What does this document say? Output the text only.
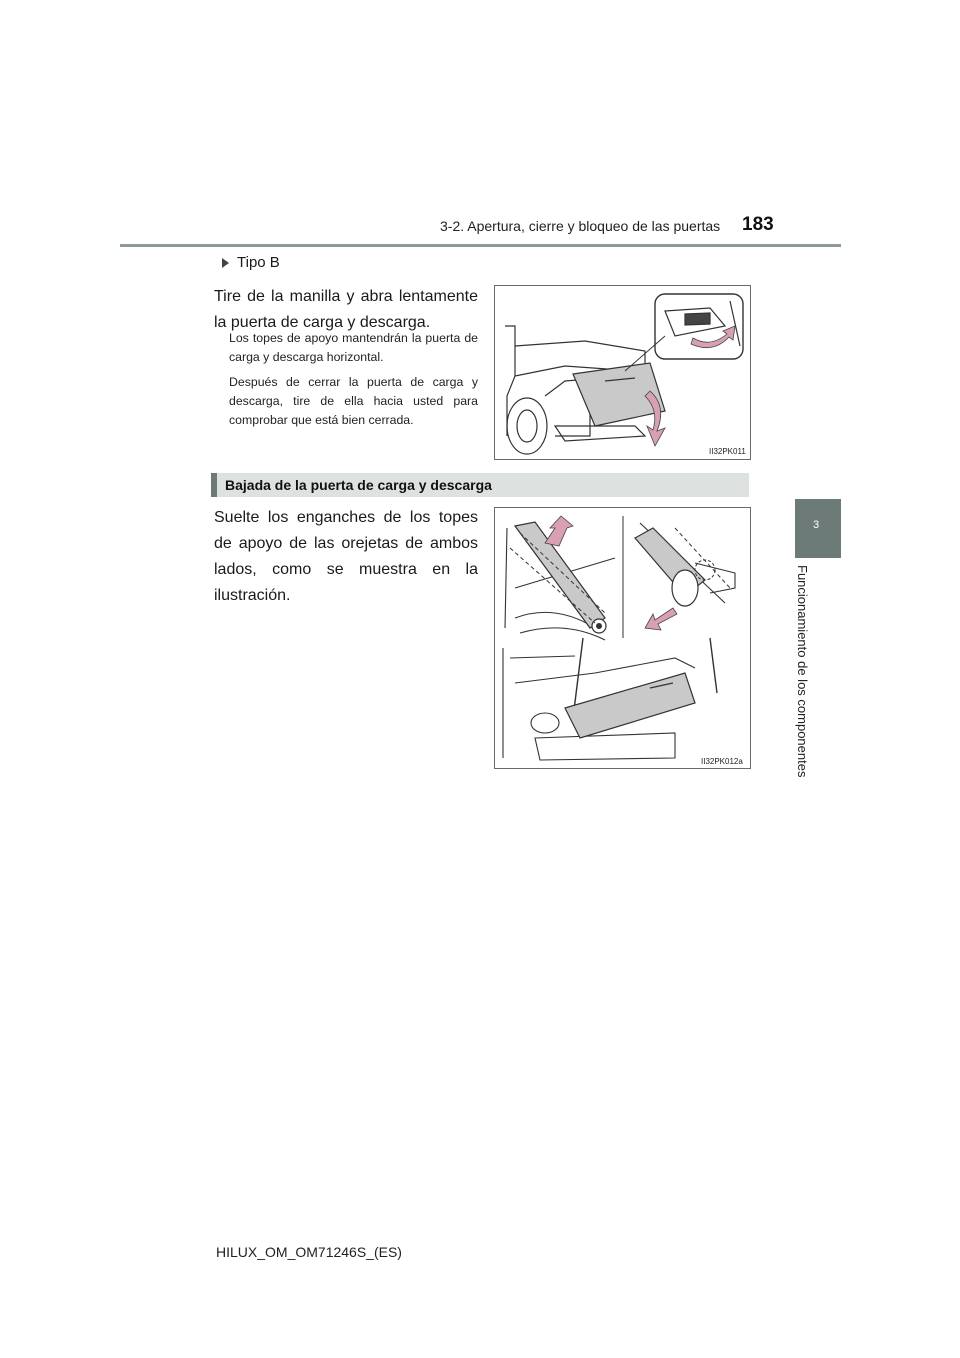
3-2. Apertura, cierre y bloqueo de las puertas 183
3
Funcionamiento de los componentes
Tipo B
Tire de la manilla y abra lentamente la puerta de carga y descarga.
Los topes de apoyo mantendrán la puerta de carga y descarga horizontal.
Después de cerrar la puerta de carga y descarga, tire de ella hacia usted para comprobar que está bien cerrada.
II32PK011
Bajada de la puerta de carga y descarga
Suelte los enganches de los topes de apoyo de las orejetas de ambos lados, como se muestra en la ilustración.
II32PK012a
HILUX_OM_OM71246S_(ES)
